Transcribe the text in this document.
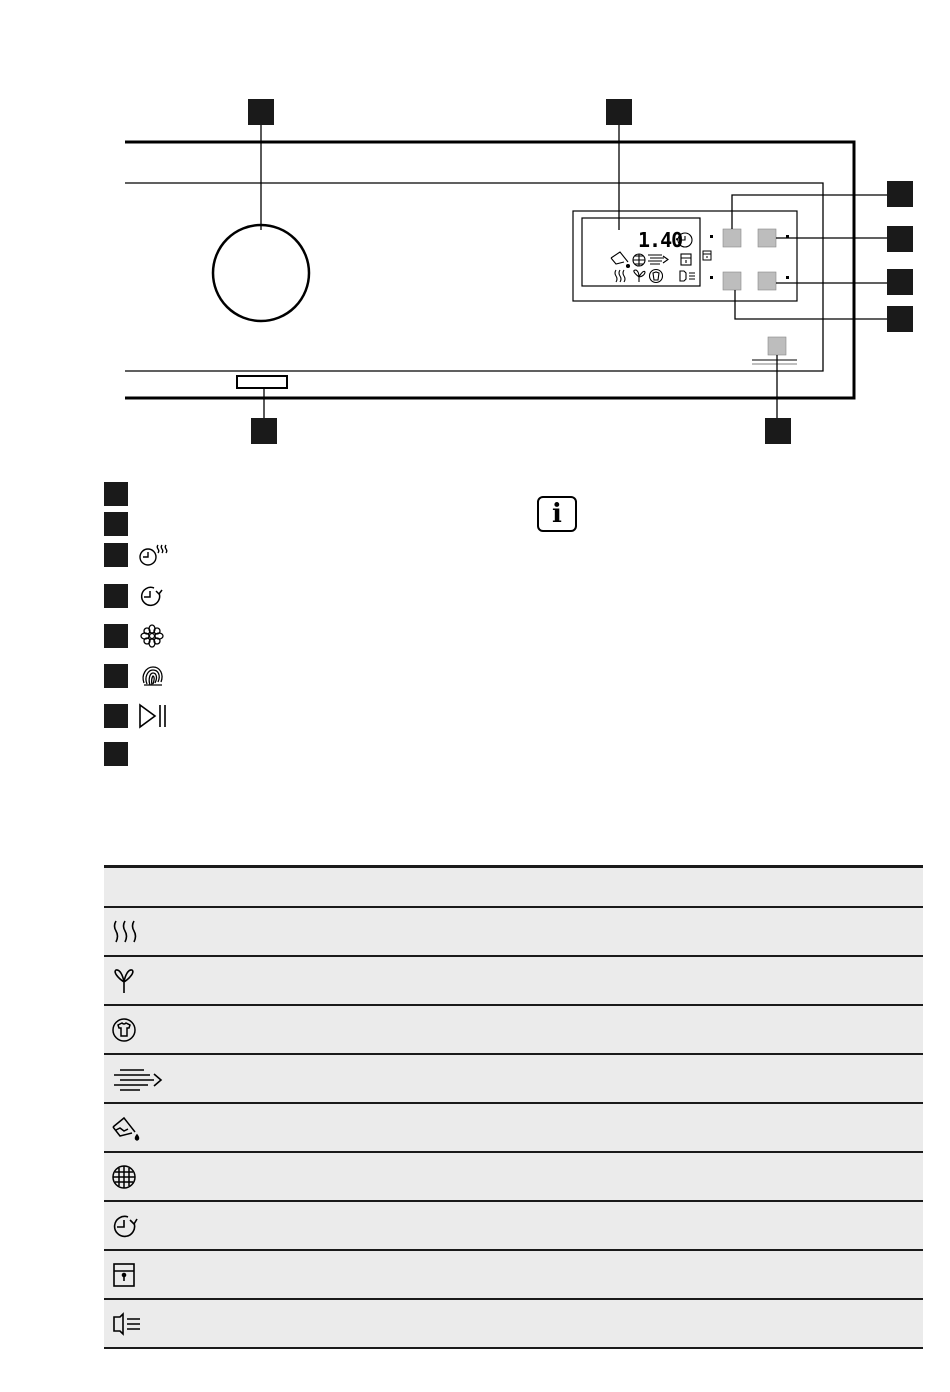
1.40
i
